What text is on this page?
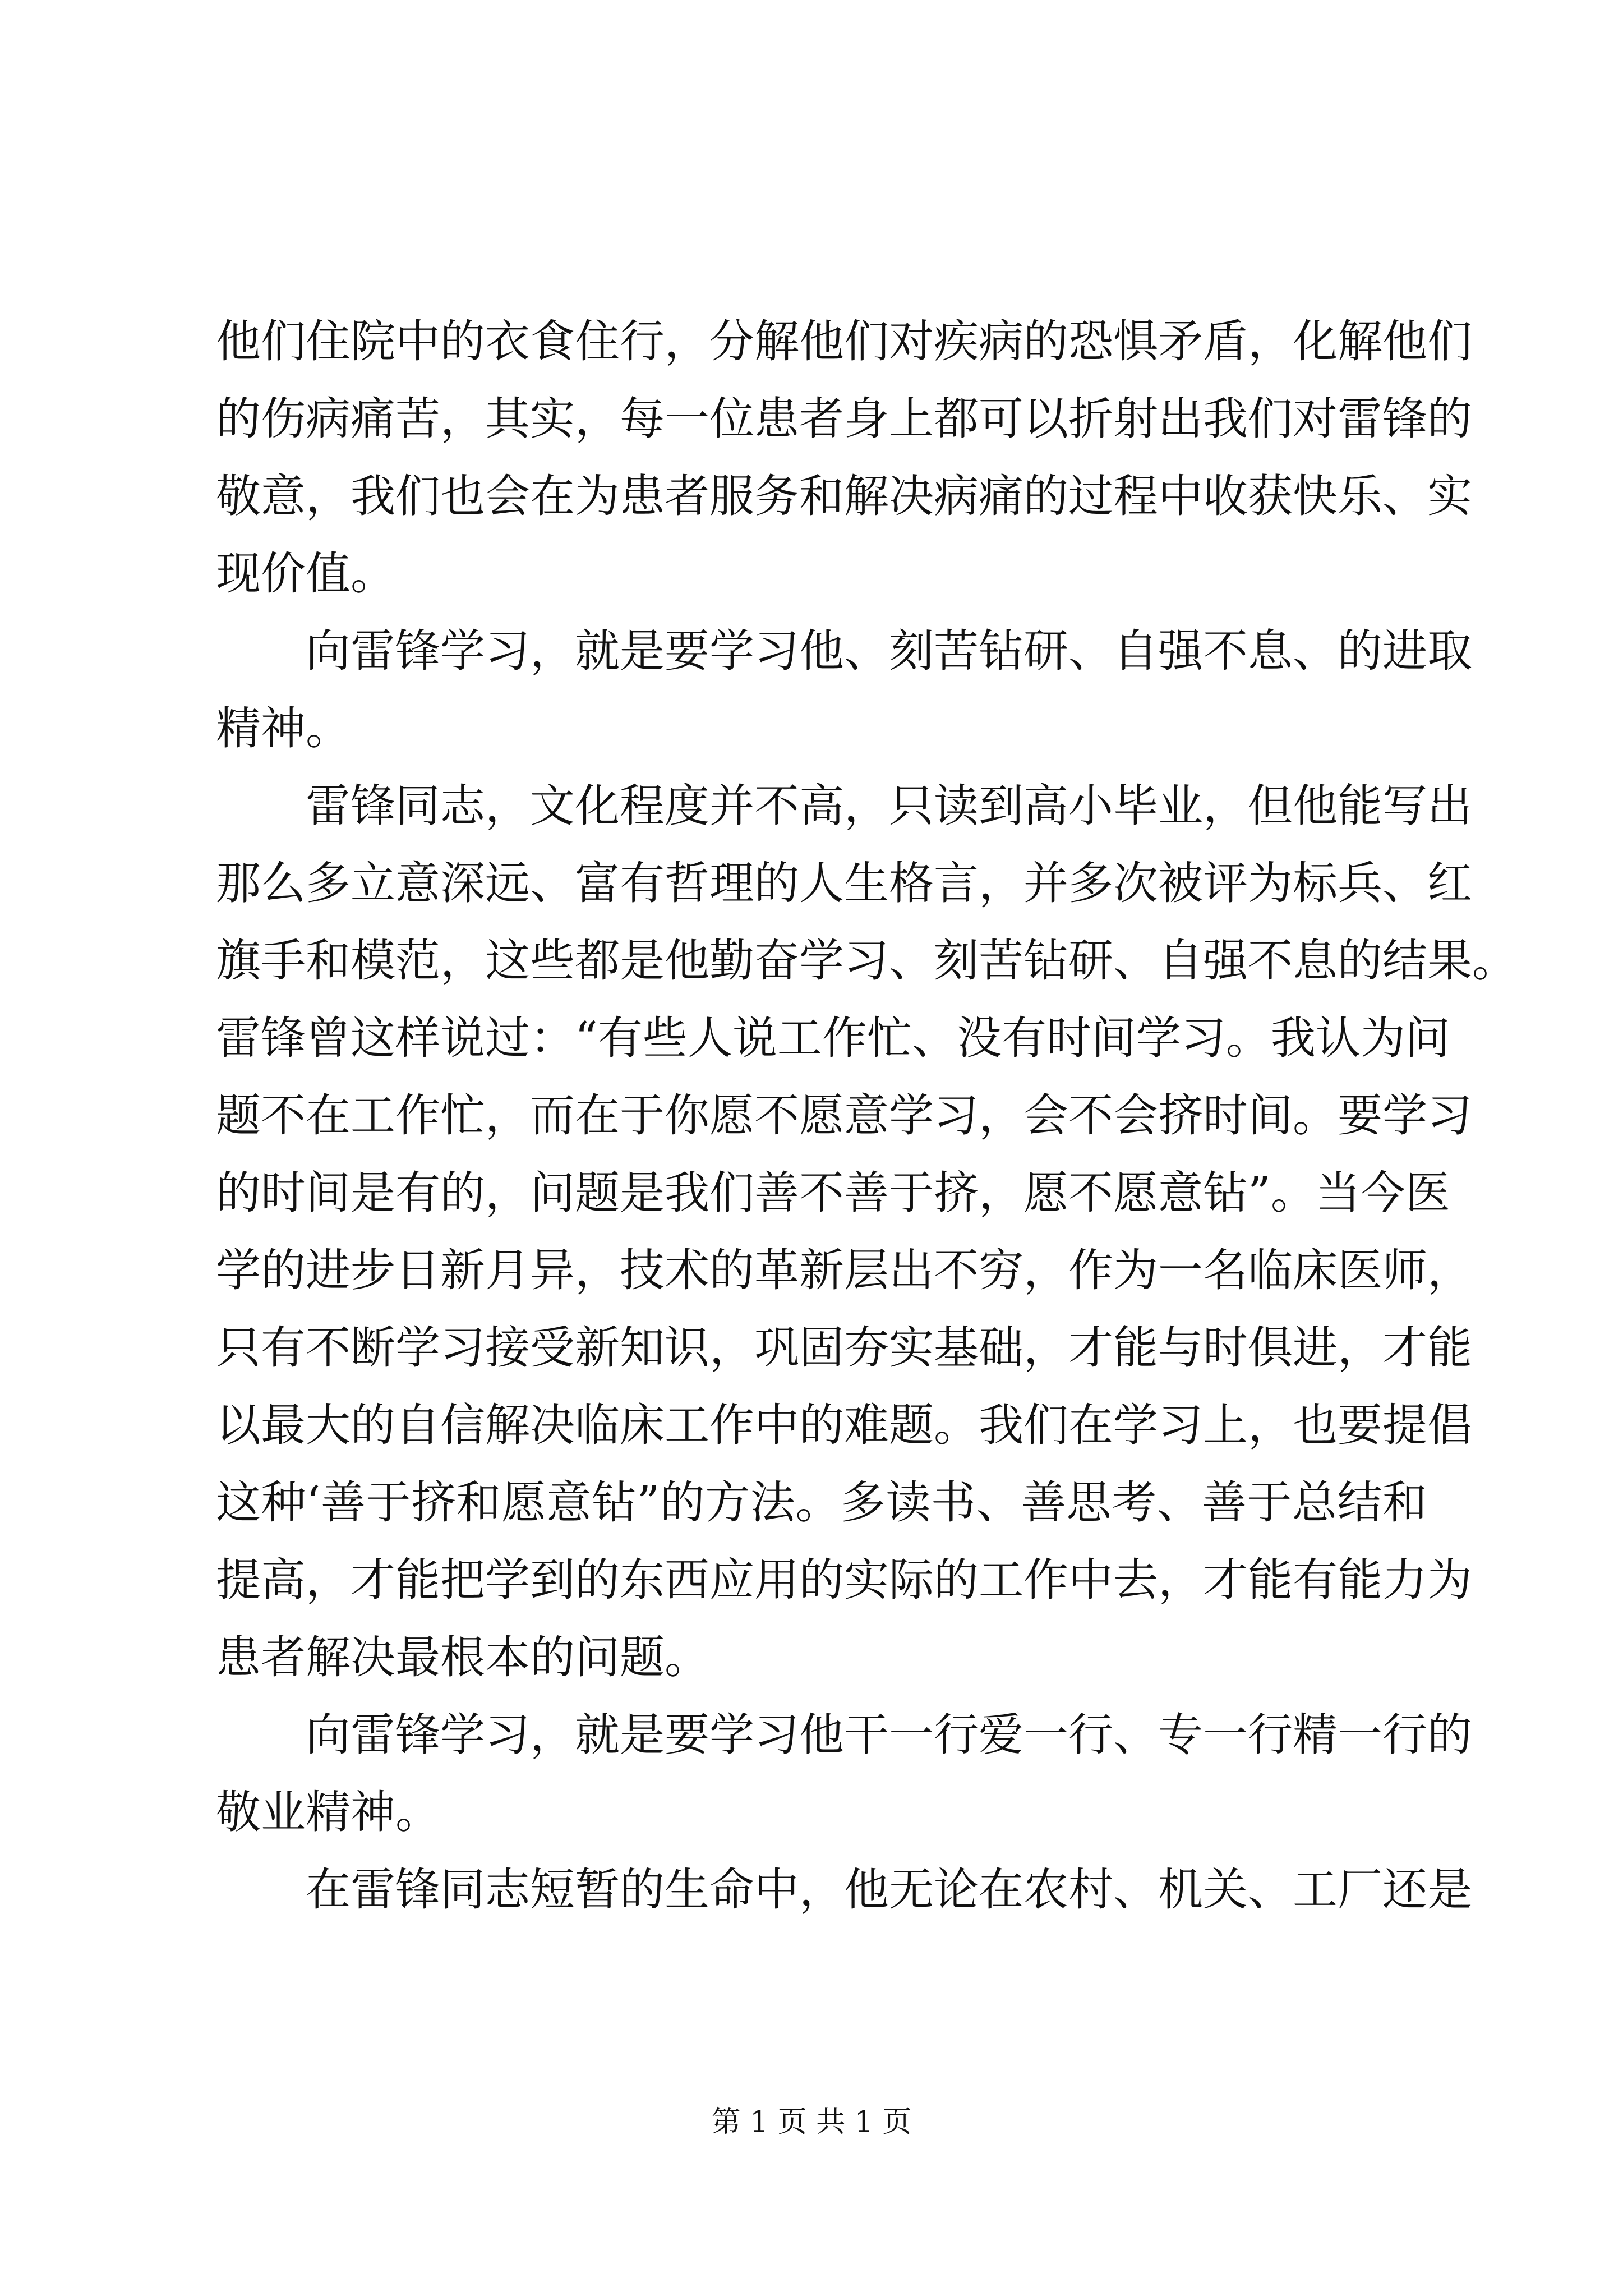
他们住院中的衣食住行，分解他们对疾病的恐惧矛盾，化解他们
的伤病痛苦，其实，每一位患者身上都可以折射出我们对雷锋的
敬意，我们也会在为患者服务和解决病痛的过程中收获快乐、实
现价值。
向雷锋学习，就是要学习他、刻苦钻研、自强不息、的进取
精神。
雷锋同志，文化程度并不高，只读到高小毕业，但他能写出
那么多立意深远、富有哲理的人生格言，并多次被评为标兵、红
旗手和模范，这些都是他勤奋学习、刻苦钻研、自强不息的结果。
雷锋曾这样说过：“有些人说工作忙、没有时间学习。我认为问
题不在工作忙，而在于你愿不愿意学习，会不会挤时间。要学习
的时间是有的，问题是我们善不善于挤，愿不愿意钻”。当今医
学的进步日新月异，技术的革新层出不穷，作为一名临床医师，
只有不断学习接受新知识，巩固夯实基础，才能与时俱进，才能
以最大的自信解决临床工作中的难题。我们在学习上，也要提倡
这种‘善于挤和愿意钻”的方法。多读书、善思考、善于总结和
提高，才能把学到的东西应用的实际的工作中去，才能有能力为
患者解决最根本的问题。
向雷锋学习，就是要学习他干一行爱一行、专一行精一行的
敬业精神。
在雷锋同志短暂的生命中，他无论在农村、机关、工厂还是
第 1 页 共 1 页
